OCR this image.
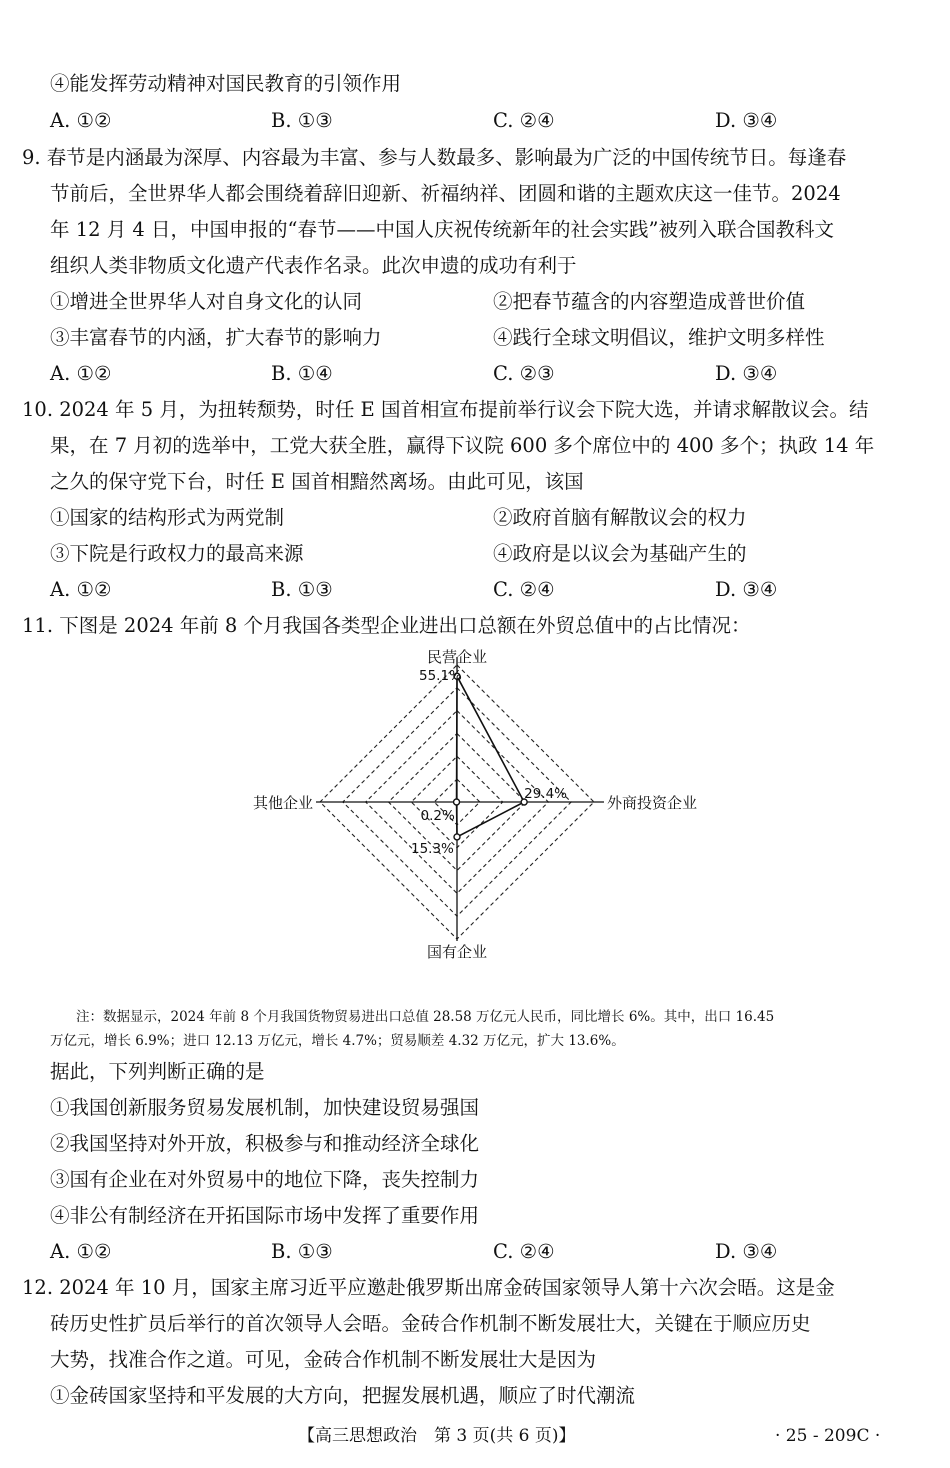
④能发挥劳动精神对国民教育的引领作用
A. ①②	B. ①③	C. ②④	D. ③④
9. 春节是内涵最为深厚、内容最为丰富、参与人数最多、影响最为广泛的中国传统节日。每逢春
节前后，全世界华人都会围绕着辞旧迎新、祈福纳祥、团圆和谐的主题欢庆这一佳节。2024
年 12 月 4 日，中国申报的“春节——中国人庆祝传统新年的社会实践”被列入联合国教科文
组织人类非物质文化遗产代表作名录。此次申遗的成功有利于
①增进全世界华人对自身文化的认同	②把春节蕴含的内容塑造成普世价值
③丰富春节的内涵，扩大春节的影响力	④践行全球文明倡议，维护文明多样性
A. ①②	B. ①④	C. ②③	D. ③④
10. 2024 年 5 月，为扭转颓势，时任 E 国首相宣布提前举行议会下院大选，并请求解散议会。结
果，在 7 月初的选举中，工党大获全胜，赢得下议院 600 多个席位中的 400 多个；执政 14 年
之久的保守党下台，时任 E 国首相黯然离场。由此可见，该国
①国家的结构形式为两党制	②政府首脑有解散议会的权力
③下院是行政权力的最高来源	④政府是以议会为基础产生的
A. ①②	B. ①③	C. ②④	D. ③④
11. 下图是 2024 年前 8 个月我国各类型企业进出口总额在外贸总值中的占比情况：
民营企业
外商投资企业
国有企业
其他企业
55.1%
29.4%
15.3%
0.2%
注：数据显示，2024 年前 8 个月我国货物贸易进出口总值 28.58 万亿元人民币，同比增长 6%。其中，出口 16.45
万亿元，增长 6.9%；进口 12.13 万亿元，增长 4.7%；贸易顺差 4.32 万亿元，扩大 13.6%。
据此，下列判断正确的是
①我国创新服务贸易发展机制，加快建设贸易强国
②我国坚持对外开放，积极参与和推动经济全球化
③国有企业在对外贸易中的地位下降，丧失控制力
④非公有制经济在开拓国际市场中发挥了重要作用
A. ①②	B. ①③	C. ②④	D. ③④
12. 2024 年 10 月，国家主席习近平应邀赴俄罗斯出席金砖国家领导人第十六次会晤。这是金
砖历史性扩员后举行的首次领导人会晤。金砖合作机制不断发展壮大，关键在于顺应历史
大势，找准合作之道。可见，金砖合作机制不断发展壮大是因为
①金砖国家坚持和平发展的大方向，把握发展机遇，顺应了时代潮流
【高三思想政治　第 3 页(共 6 页)】	· 25 - 209C ·
